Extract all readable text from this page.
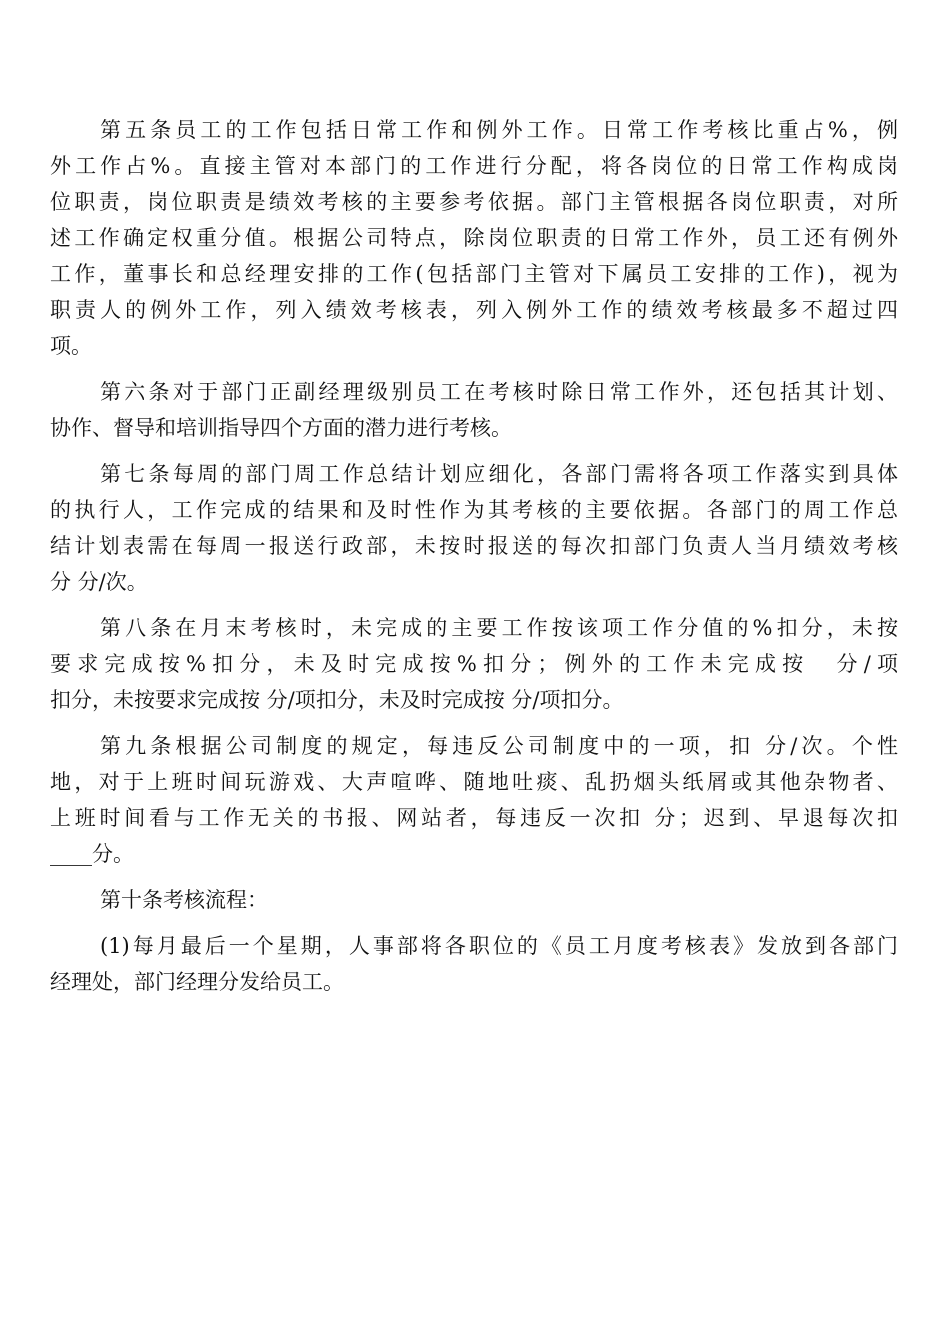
第五条员工的工作包括日常工作和例外工作。日常工作考核比重占%，例
外工作占%。直接主管对本部门的工作进行分配，将各岗位的日常工作构成岗
位职责，岗位职责是绩效考核的主要参考依据。部门主管根据各岗位职责，对所
述工作确定权重分值。根据公司特点，除岗位职责的日常工作外，员工还有例外
工作，董事长和总经理安排的工作(包括部门主管对下属员工安排的工作)，视为
职责人的例外工作，列入绩效考核表，列入例外工作的绩效考核最多不超过四
项。
第六条对于部门正副经理级别员工在考核时除日常工作外，还包括其计划、
协作、督导和培训指导四个方面的潜力进行考核。
第七条每周的部门周工作总结计划应细化，各部门需将各项工作落实到具体
的执行人，工作完成的结果和及时性作为其考核的主要依据。各部门的周工作总
结计划表需在每周一报送行政部，未按时报送的每次扣部门负责人当月绩效考核
分 分/次。
第八条在月末考核时，未完成的主要工作按该项工作分值的%扣分，未按
要求完成按%扣分，未及时完成按%扣分；例外的工作未完成按　分/项
扣分，未按要求完成按 分/项扣分，未及时完成按 分/项扣分。
第九条根据公司制度的规定，每违反公司制度中的一项，扣 分/次。个性
地，对于上班时间玩游戏、大声喧哗、随地吐痰、乱扔烟头纸屑或其他杂物者、
上班时间看与工作无关的书报、网站者，每违反一次扣 分；迟到、早退每次扣
____分。
第十条考核流程：
(1)每月最后一个星期，人事部将各职位的《员工月度考核表》发放到各部门
经理处，部门经理分发给员工。
